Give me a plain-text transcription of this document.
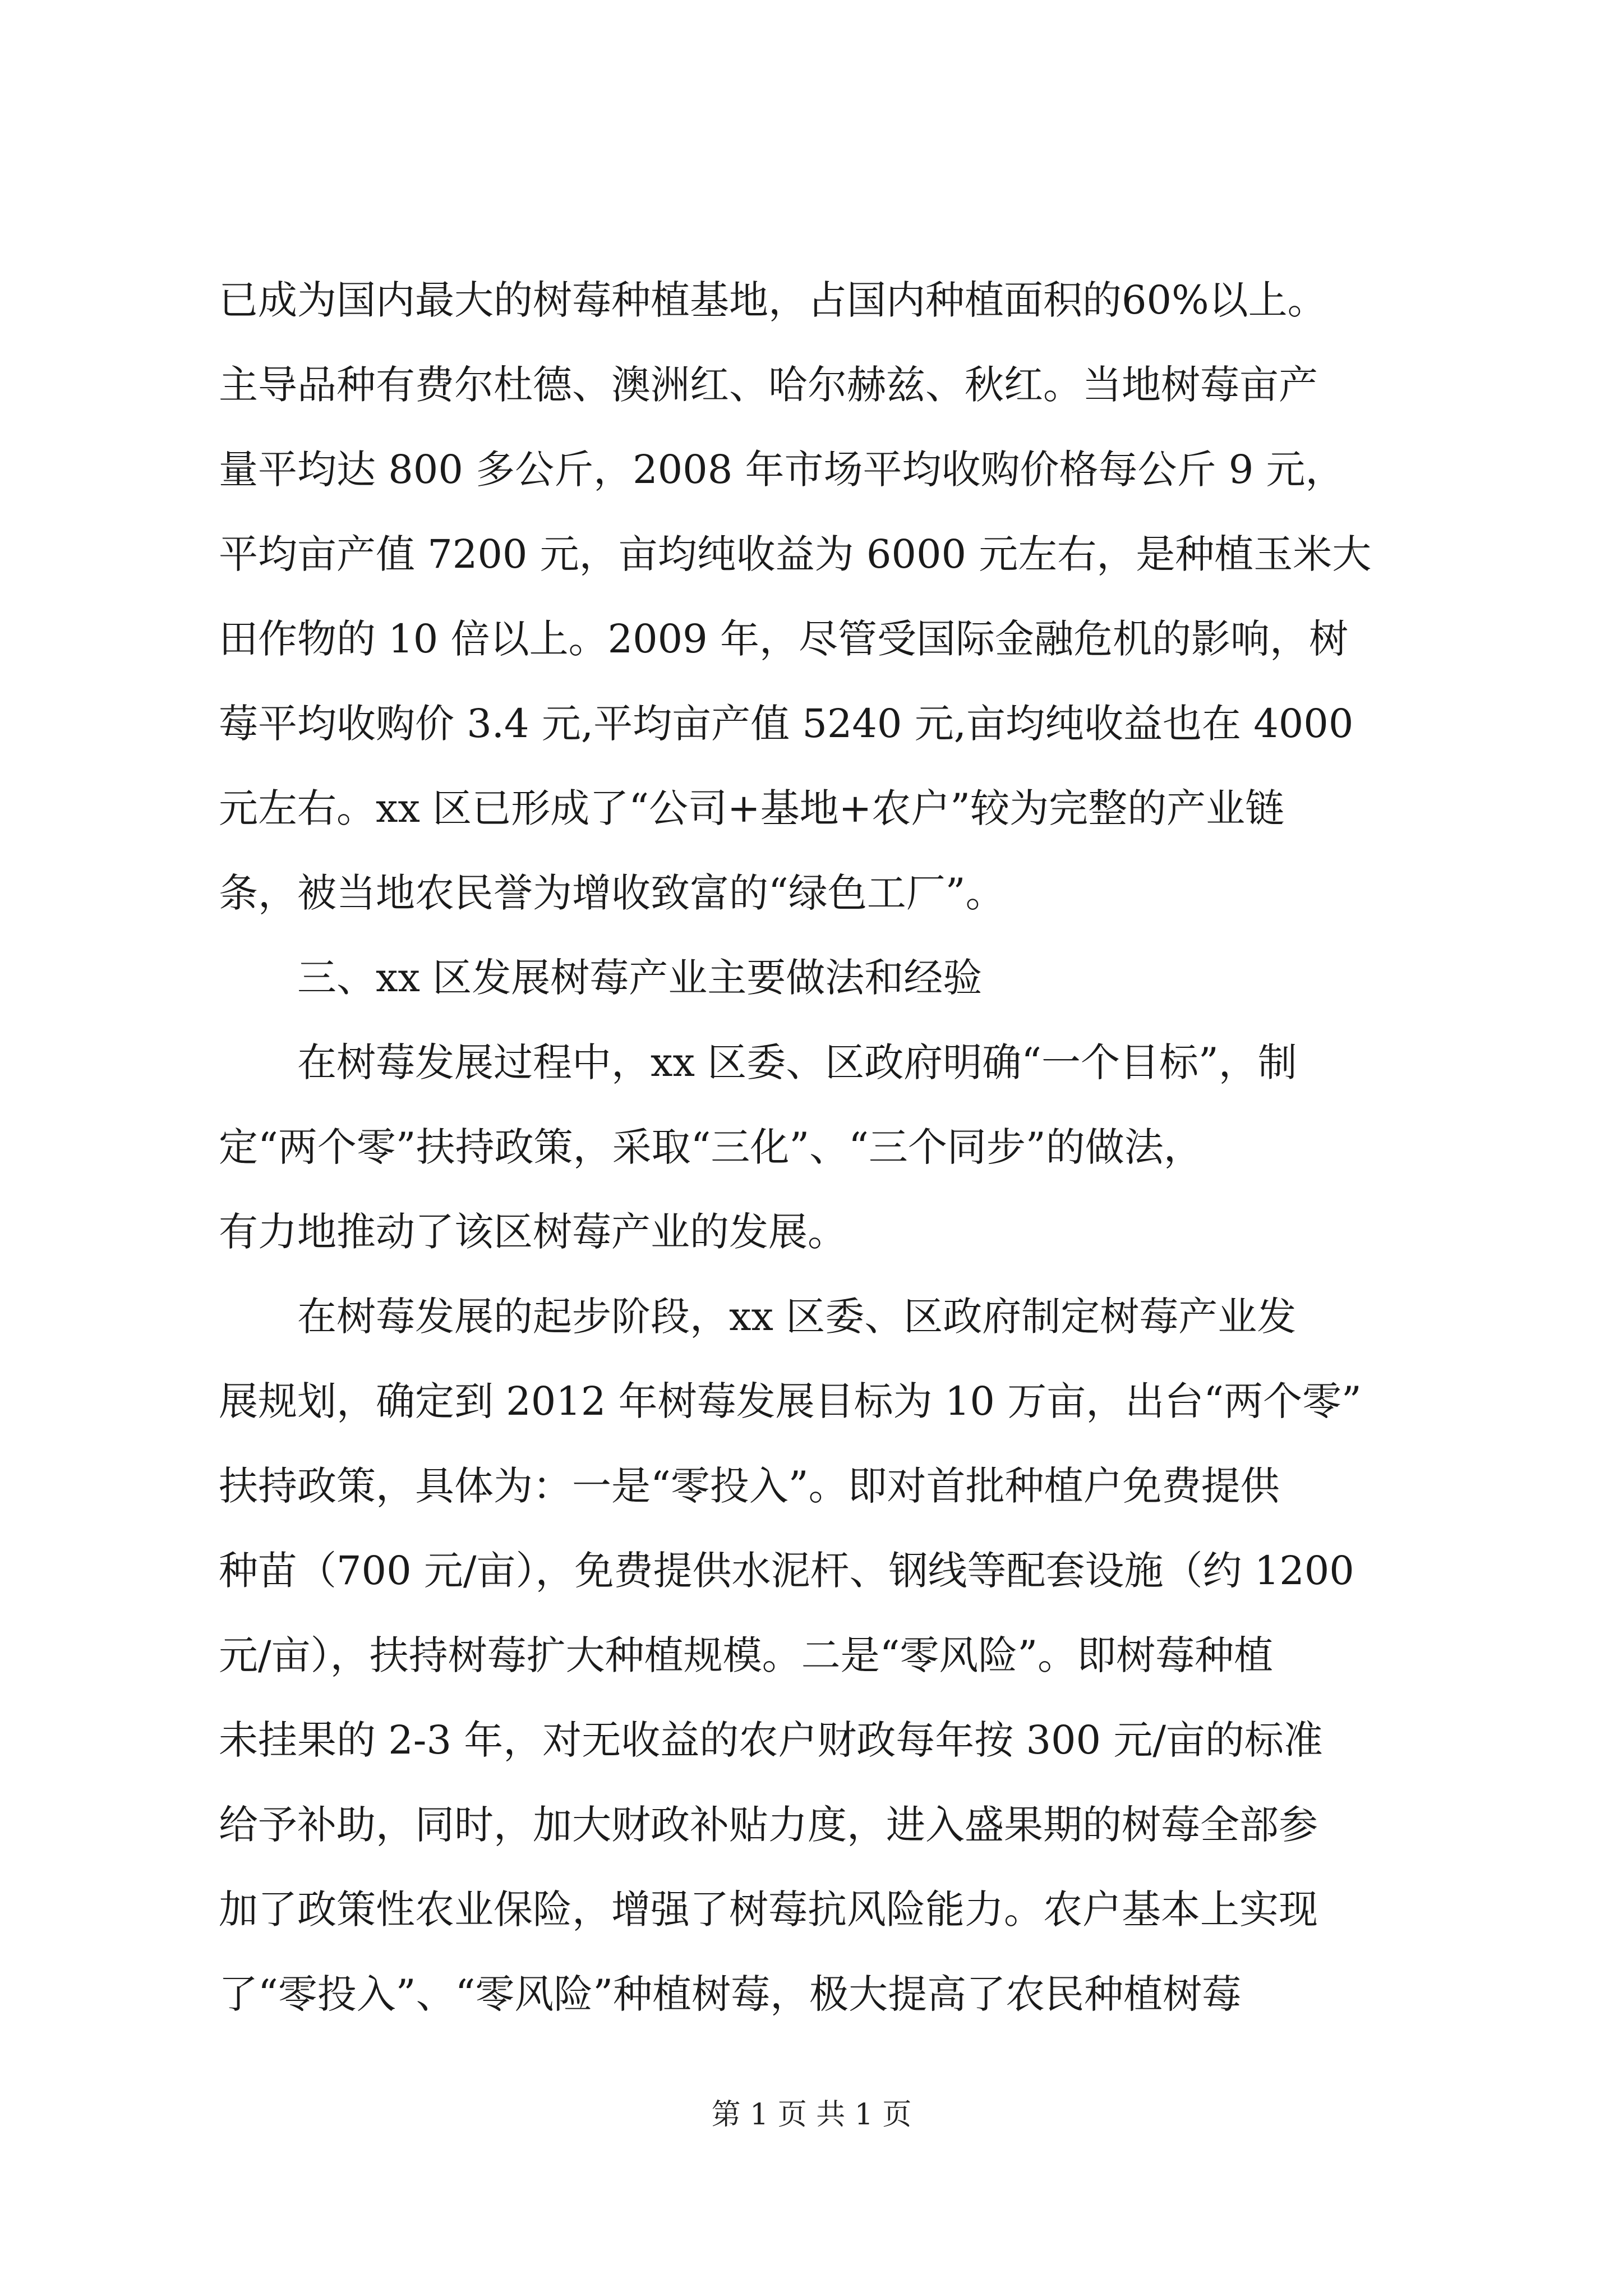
已成为国内最大的树莓种植基地，占国内种植面积的60%以上。
主导品种有费尔杜德、澳洲红、哈尔赫兹、秋红。当地树莓亩产
量平均达 800 多公斤，2008 年市场平均收购价格每公斤 9 元，
平均亩产值 7200 元，亩均纯收益为 6000 元左右，是种植玉米大
田作物的 10 倍以上。2009 年，尽管受国际金融危机的影响，树
莓平均收购价 3.4 元,平均亩产值 5240 元,亩均纯收益也在 4000
元左右。xx 区已形成了“公司+基地+农户”较为完整的产业链
条，被当地农民誉为增收致富的“绿色工厂”。
三、xx 区发展树莓产业主要做法和经验
在树莓发展过程中，xx 区委、区政府明确“一个目标”，制
定“两个零”扶持政策，采取“三化”、“三个同步”的做法，
有力地推动了该区树莓产业的发展。
在树莓发展的起步阶段，xx 区委、区政府制定树莓产业发
展规划，确定到 2012 年树莓发展目标为 10 万亩，出台“两个零”
扶持政策，具体为：一是“零投入”。即对首批种植户免费提供
种苗（700 元/亩），免费提供水泥杆、钢线等配套设施（约 1200
元/亩），扶持树莓扩大种植规模。二是“零风险”。即树莓种植
未挂果的 2-3 年，对无收益的农户财政每年按 300 元/亩的标准
给予补助，同时，加大财政补贴力度，进入盛果期的树莓全部参
加了政策性农业保险，增强了树莓抗风险能力。农户基本上实现
了“零投入”、“零风险”种植树莓，极大提高了农民种植树莓
第 1 页 共 1 页
